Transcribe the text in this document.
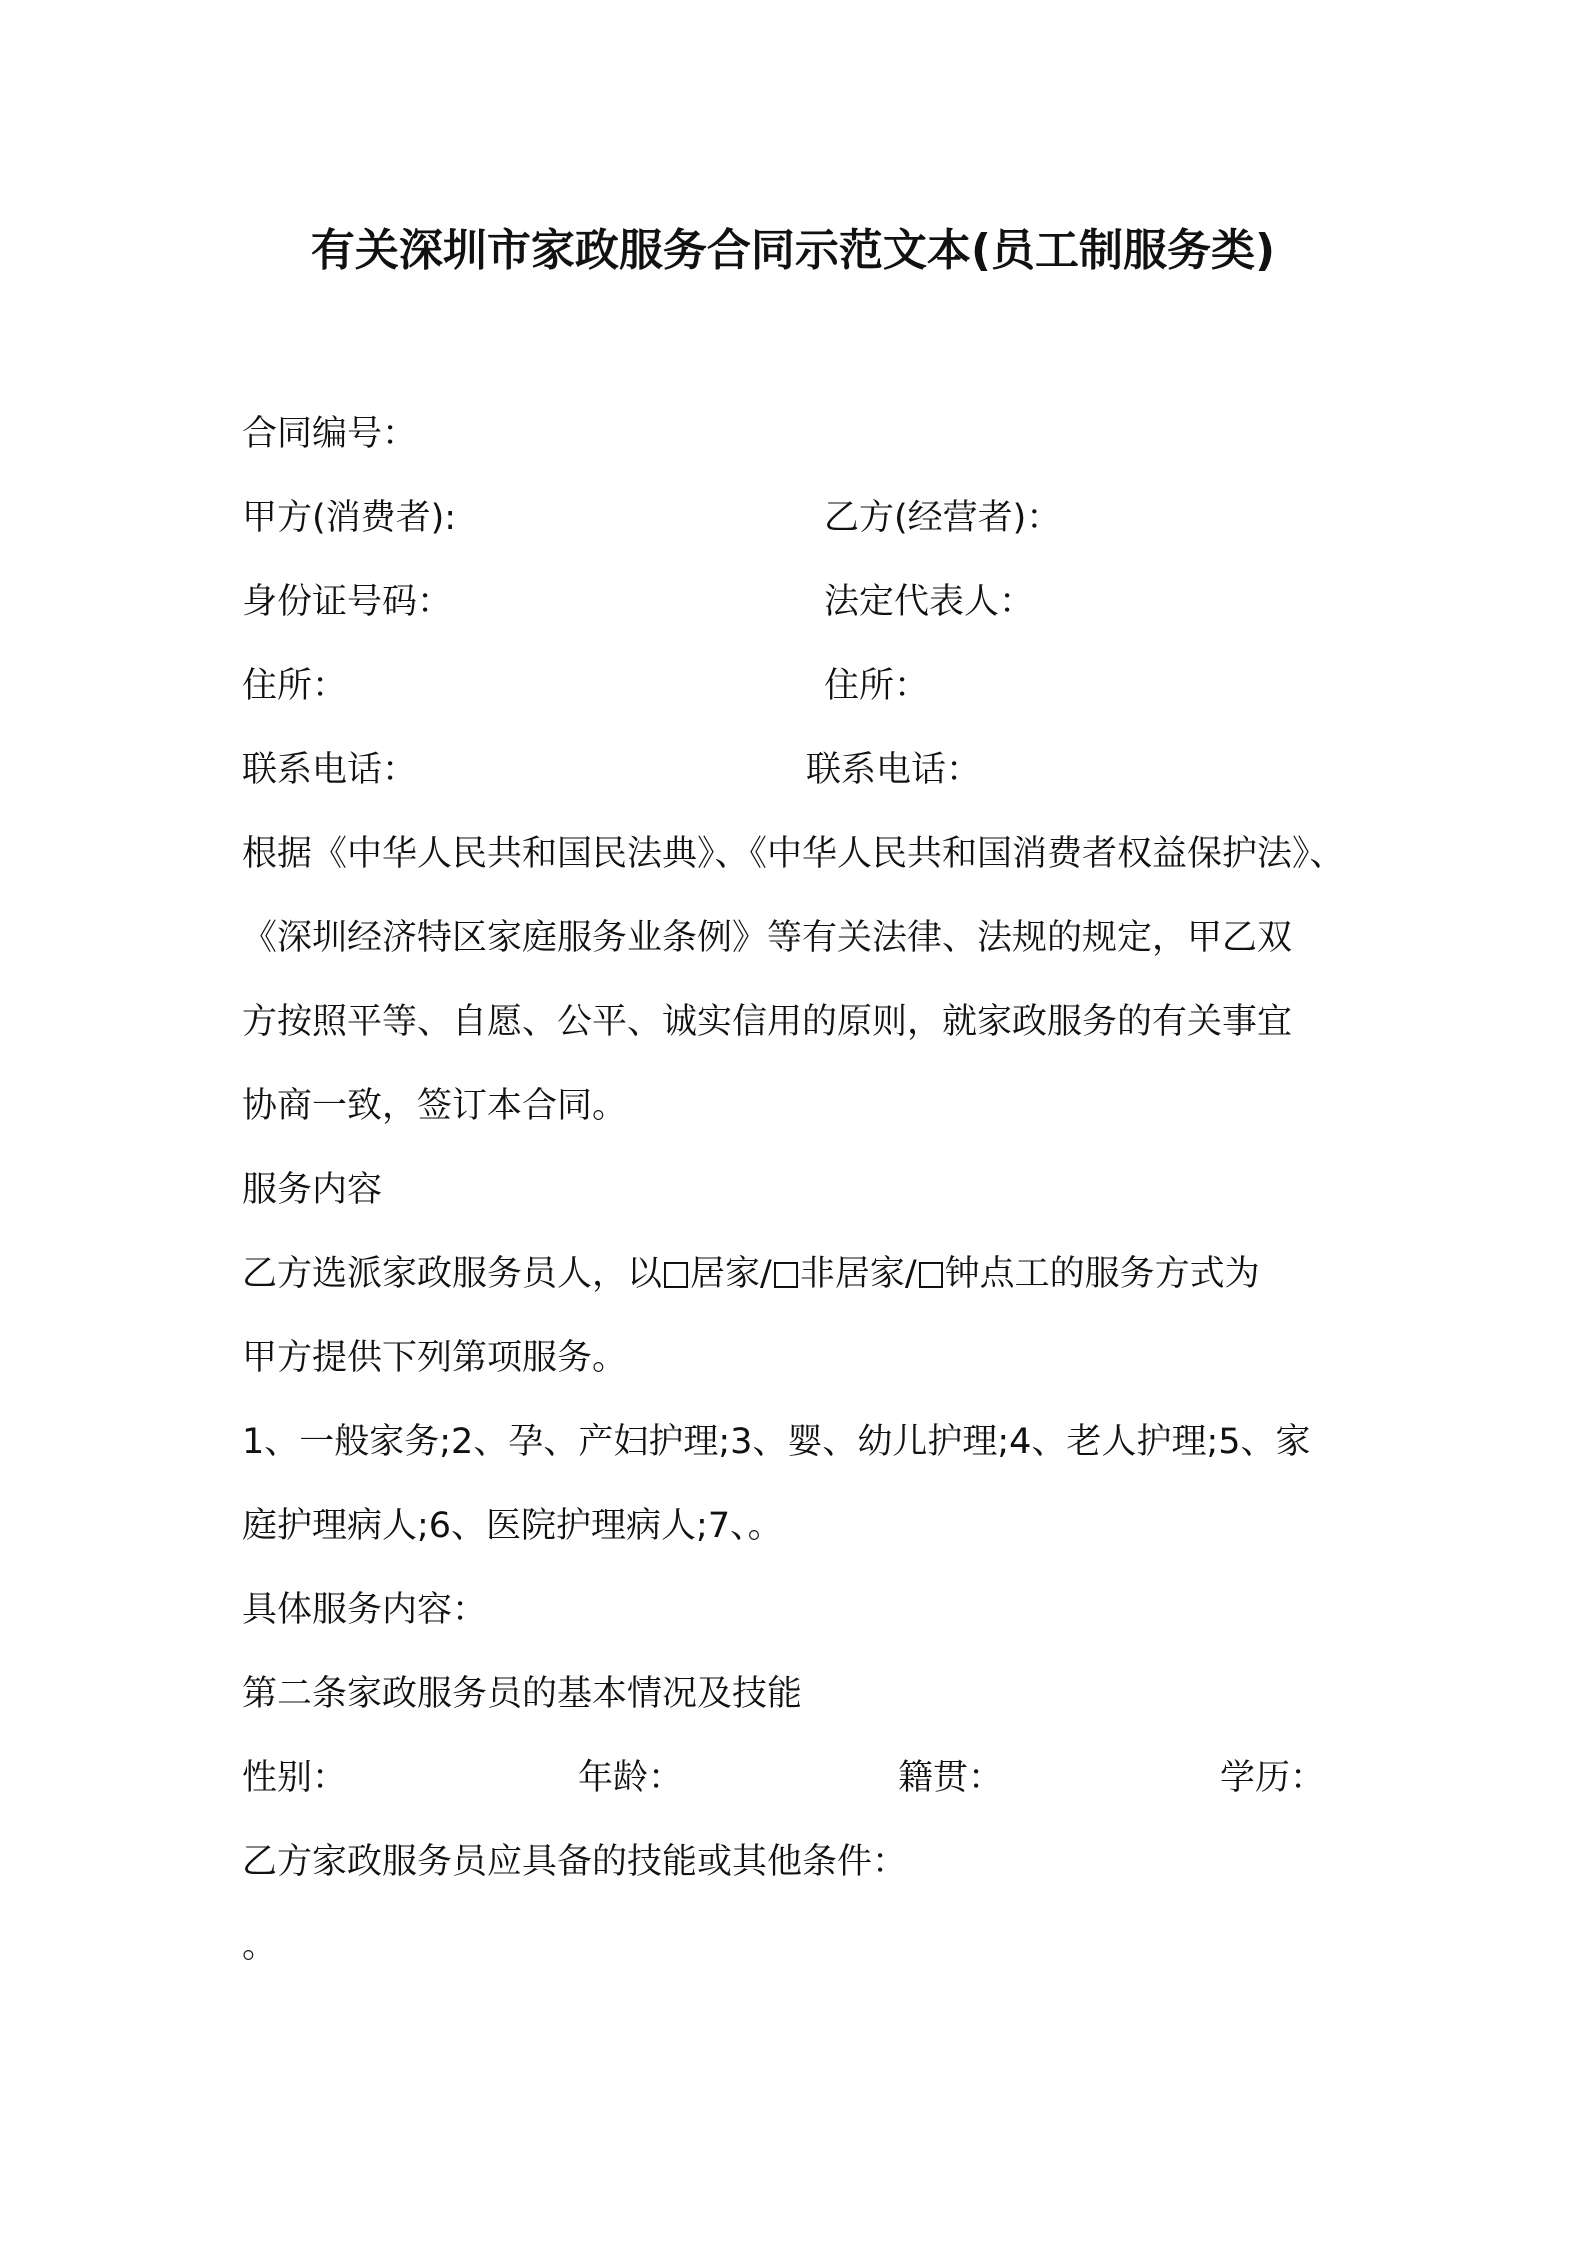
有关深圳市家政服务合同示范文本(员工制服务类)
合同编号：
甲方(消费者):	乙方(经营者)：
身份证号码：	法定代表人：
住所：	住所：
联系电话：	联系电话：
根据《中华人民共和国民法典》、《中华人民共和国消费者权益保护法》、
《深圳经济特区家庭服务业条例》等有关法律、法规的规定，甲乙双
方按照平等、自愿、公平、诚实信用的原则，就家政服务的有关事宜
协商一致，签订本合同。
服务内容
乙方选派家政服务员人，以 居家/ 非居家/ 钟点工的服务方式为
甲方提供下列第项服务。
1、一般家务;2、孕、产妇护理;3、婴、幼儿护理;4、老人护理;5、家
庭护理病人;6、医院护理病人;7、。
具体服务内容：
第二条家政服务员的基本情况及技能
性别：	年龄：	籍贯：	学历：
乙方家政服务员应具备的技能或其他条件：
。
